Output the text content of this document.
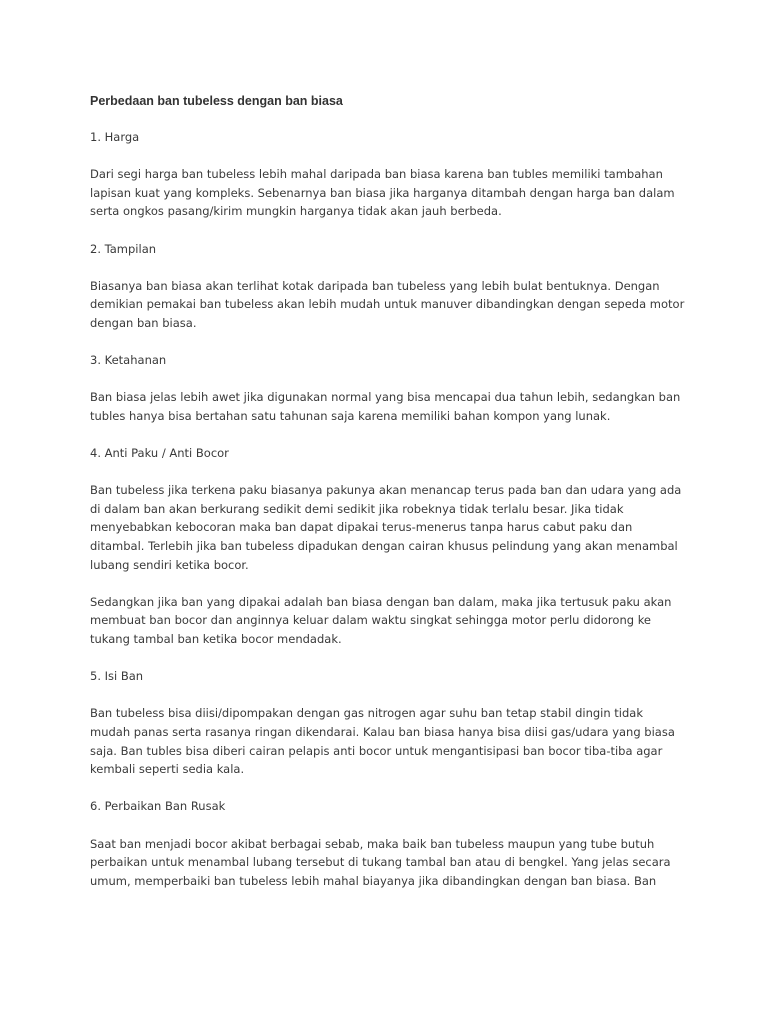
Perbedaan ban tubeless dengan ban biasa
1. Harga
Dari segi harga ban tubeless lebih mahal daripada ban biasa karena ban tubles memiliki tambahan
lapisan kuat yang kompleks. Sebenarnya ban biasa jika harganya ditambah dengan harga ban dalam
serta ongkos pasang/kirim mungkin harganya tidak akan jauh berbeda.
2. Tampilan
Biasanya ban biasa akan terlihat kotak daripada ban tubeless yang lebih bulat bentuknya. Dengan
demikian pemakai ban tubeless akan lebih mudah untuk manuver dibandingkan dengan sepeda motor
dengan ban biasa.
3. Ketahanan
Ban biasa jelas lebih awet jika digunakan normal yang bisa mencapai dua tahun lebih, sedangkan ban
tubles hanya bisa bertahan satu tahunan saja karena memiliki bahan kompon yang lunak.
4. Anti Paku / Anti Bocor
Ban tubeless jika terkena paku biasanya pakunya akan menancap terus pada ban dan udara yang ada
di dalam ban akan berkurang sedikit demi sedikit jika robeknya tidak terlalu besar. Jika tidak
menyebabkan kebocoran maka ban dapat dipakai terus-menerus tanpa harus cabut paku dan
ditambal. Terlebih jika ban tubeless dipadukan dengan cairan khusus pelindung yang akan menambal
lubang sendiri ketika bocor.
Sedangkan jika ban yang dipakai adalah ban biasa dengan ban dalam, maka jika tertusuk paku akan
membuat ban bocor dan anginnya keluar dalam waktu singkat sehingga motor perlu didorong ke
tukang tambal ban ketika bocor mendadak.
5. Isi Ban
Ban tubeless bisa diisi/dipompakan dengan gas nitrogen agar suhu ban tetap stabil dingin tidak
mudah panas serta rasanya ringan dikendarai. Kalau ban biasa hanya bisa diisi gas/udara yang biasa
saja. Ban tubles bisa diberi cairan pelapis anti bocor untuk mengantisipasi ban bocor tiba-tiba agar
kembali seperti sedia kala.
6. Perbaikan Ban Rusak
Saat ban menjadi bocor akibat berbagai sebab, maka baik ban tubeless maupun yang tube butuh
perbaikan untuk menambal lubang tersebut di tukang tambal ban atau di bengkel. Yang jelas secara
umum, memperbaiki ban tubeless lebih mahal biayanya jika dibandingkan dengan ban biasa. Ban
